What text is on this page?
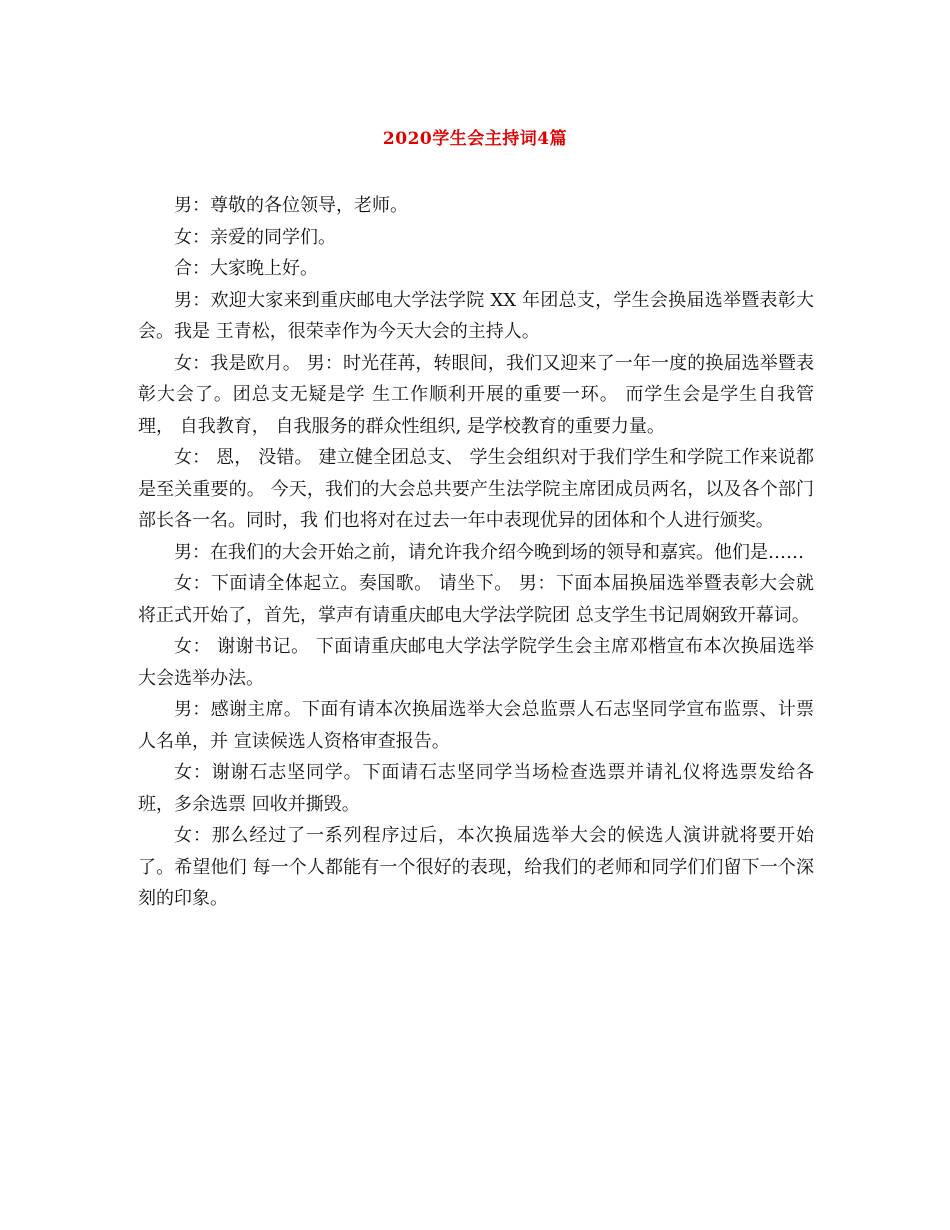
2020学生会主持词4篇

男：尊敬的各位领导，老师。

女：亲爱的同学们。

合：大家晚上好。

男：欢迎大家来到重庆邮电大学法学院 XX 年团总支，学生会换届选举暨表彰大会。我是 王青松，很荣幸作为今天大会的主持人。

女：我是欧月。 男：时光荏苒，转眼间，我们又迎来了一年一度的换届选举暨表彰大会了。团总支无疑是学 生工作顺利开展的重要一环。 而学生会是学生自我管理， 自我教育， 自我服务的群众性组织, 是学校教育的重要力量。

女： 恩， 没错。 建立健全团总支、 学生会组织对于我们学生和学院工作来说都是至关重要的。 今天，我们的大会总共要产生法学院主席团成员两名，以及各个部门部长各一名。同时，我 们也将对在过去一年中表现优异的团体和个人进行颁奖。

男：在我们的大会开始之前，请允许我介绍今晚到场的领导和嘉宾。他们是……

女：下面请全体起立。奏国歌。 请坐下。 男：下面本届换届选举暨表彰大会就将正式开始了，首先，掌声有请重庆邮电大学法学院团 总支学生书记周娴致开幕词。

女： 谢谢书记。 下面请重庆邮电大学法学院学生会主席邓楷宣布本次换届选举大会选举办法。

男：感谢主席。下面有请本次换届选举大会总监票人石志坚同学宣布监票、计票人名单，并 宣读候选人资格审查报告。

女：谢谢石志坚同学。下面请石志坚同学当场检查选票并请礼仪将选票发给各班，多余选票 回收并撕毁。

女：那么经过了一系列程序过后，本次换届选举大会的候选人演讲就将要开始了。希望他们 每一个人都能有一个很好的表现，给我们的老师和同学们们留下一个深刻的印象。
